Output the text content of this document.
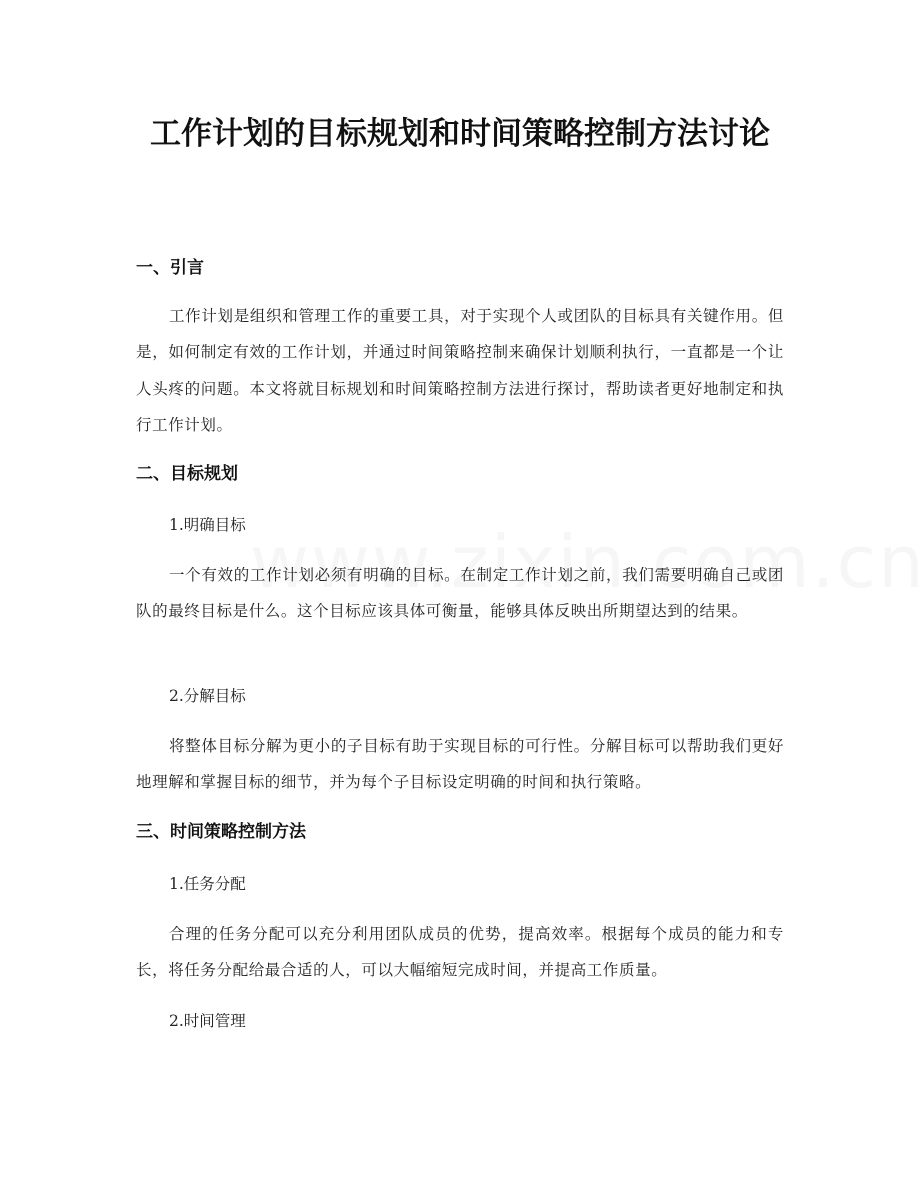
工作计划的目标规划和时间策略控制方法讨论
一、引言
工作计划是组织和管理工作的重要工具，对于实现个人或团队的目标具有关键作用。但是，如何制定有效的工作计划，并通过时间策略控制来确保计划顺利执行，一直都是一个让人头疼的问题。本文将就目标规划和时间策略控制方法进行探讨，帮助读者更好地制定和执行工作计划。
二、目标规划
1.明确目标
一个有效的工作计划必须有明确的目标。在制定工作计划之前，我们需要明确自己或团队的最终目标是什么。这个目标应该具体可衡量，能够具体反映出所期望达到的结果。
2.分解目标
将整体目标分解为更小的子目标有助于实现目标的可行性。分解目标可以帮助我们更好地理解和掌握目标的细节，并为每个子目标设定明确的时间和执行策略。
三、时间策略控制方法
1.任务分配
合理的任务分配可以充分利用团队成员的优势，提高效率。根据每个成员的能力和专长，将任务分配给最合适的人，可以大幅缩短完成时间，并提高工作质量。
2.时间管理
